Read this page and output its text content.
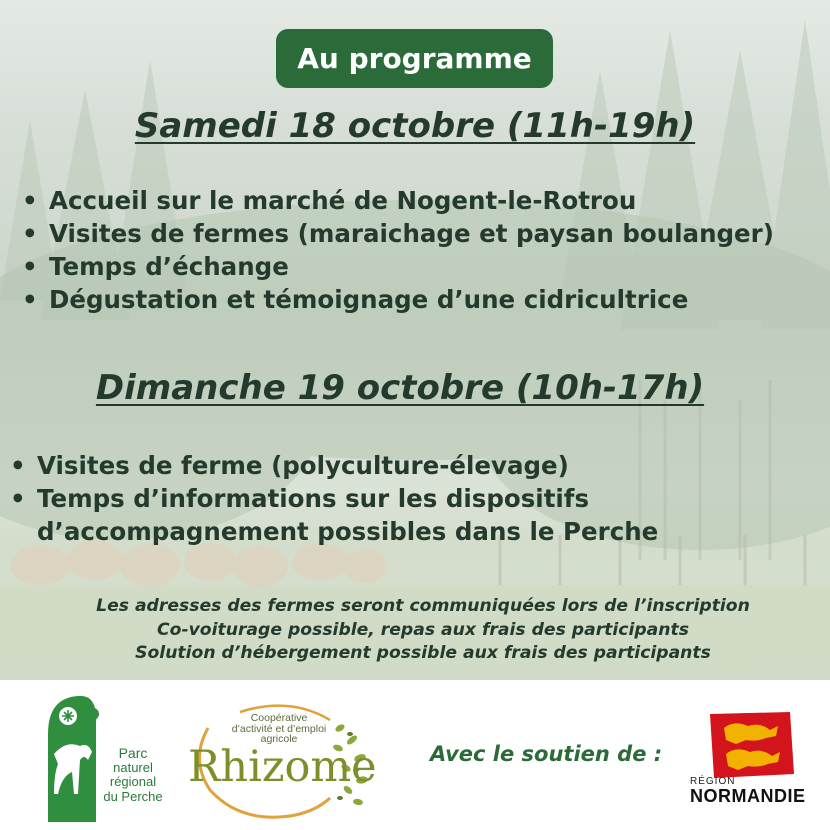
Au programme
Samedi 18 octobre (11h-19h)
• Accueil sur le marché de Nogent-le-Rotrou
• Visites de fermes (maraichage et paysan boulanger)
• Temps d’échange
• Dégustation et témoignage d’une cidricultrice
Dimanche 19 octobre (10h-17h)
• Visites de ferme (polyculture-élevage)
• Temps d’informations sur les dispositifs
d’accompagnement possibles dans le Perche
Les adresses des fermes seront communiquées lors de l’inscription
Co-voiturage possible, repas aux frais des participants
Solution d’hébergement possible aux frais des participants
Parc
naturel
régional
du Perche
Coopérative
d’activité et d’emploi
agricole
Rhizome	Avec le soutien de :
RÉGION
NORMANDIE
